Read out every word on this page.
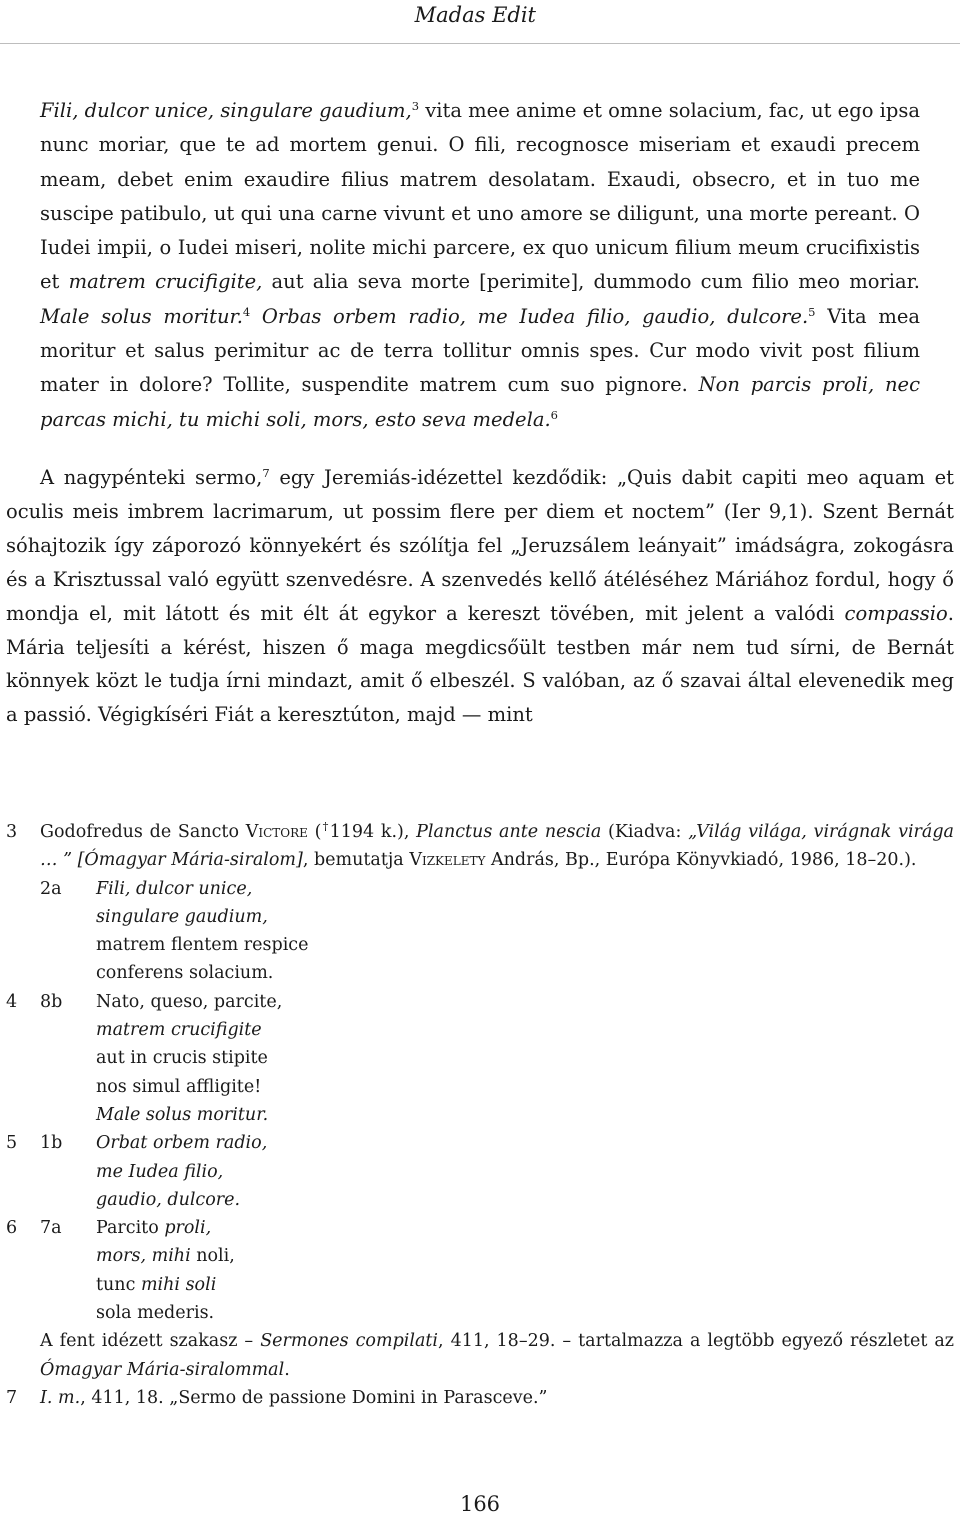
Madas Edit

Fili, dulcor unice, singulare gaudium,$^3$ vita mee anime et omne solacium, fac, ut ego ipsa nunc moriar, que te ad mortem genui. O fili, recognosce miseriam et exaudi precem meam, debet enim exaudire filius matrem desolatam. Exaudi, obsecro, et in tuo me suscipe patibulo, ut qui una carne vivunt et uno amore se diligunt, una morte pereant. O Iudei impii, o Iudei miseri, nolite michi parcere, ex quo unicum filium meum crucifixistis et matrem crucifigite, aut alia seva morte [perimite], dummodo cum filio meo moriar. Male solus moritur.$^4$ Orbas orbem radio, me Iudea filio, gaudio, dulcore.$^5$ Vita mea moritur et salus perimitur ac de terra tollitur omnis spes. Cur modo vivit post filium mater in dolore? Tollite, suspendite matrem cum suo pignore. Non parcis proli, nec parcas michi, tu michi soli, mors, esto seva medela.$^6$

A nagypénteki sermo,$^7$ egy Jeremiás-idézettel kezdődik: „Quis dabit capiti meo aquam et oculis meis imbrem lacrimarum, ut possim flere per diem et noctem” (Ier 9,1). Szent Bernát sóhajtozik így záporozó könnyekért és szólítja fel „Jeruzsálem leányait” imádságra, zokogásra és a Krisztussal való együtt szenvedésre. A szenvedés kellő átéléséhez Máriához fordul, hogy ő mondja el, mit látott és mit élt át egykor a kereszt tövében, mit jelent a valódi compassio. Mária teljesíti a kérést, hiszen ő maga megdicsőült testben már nem tud sírni, de Bernát könnyek közt le tudja írni mindazt, amit ő elbeszél. S valóban, az ő szavai által elevenedik meg a passió. Végigkíséri Fiát a keresztúton, majd — mint

3 Godofredus de Sancto Victore (†1194 k.), Planctus ante nescia (Kiadva: „Világ világa, virágnak virága … ” [Ómagyar Mária-siralom], bemutatja Vizkelety András, Bp., Európa Könyvkiadó, 1986, 18–20.).
2a Fili, dulcor unice,
singulare gaudium,
matrem flentem respice
conferens solacium.
4 8b Nato, queso, parcite,
matrem crucifigite
aut in crucis stipite
nos simul affligite!
Male solus moritur.
5 1b Orbat orbem radio,
me Iudea filio,
gaudio, dulcore.
6 7a Parcito proli,
mors, mihi noli,
tunc mihi soli
sola mederis.
A fent idézett szakasz – Sermones compilati, 411, 18–29. – tartalmazza a legtöbb egyező részletet az Ómagyar Mária-siralommal.
7 I. m., 411, 18. „Sermo de passione Domini in Parasceve.”
166
